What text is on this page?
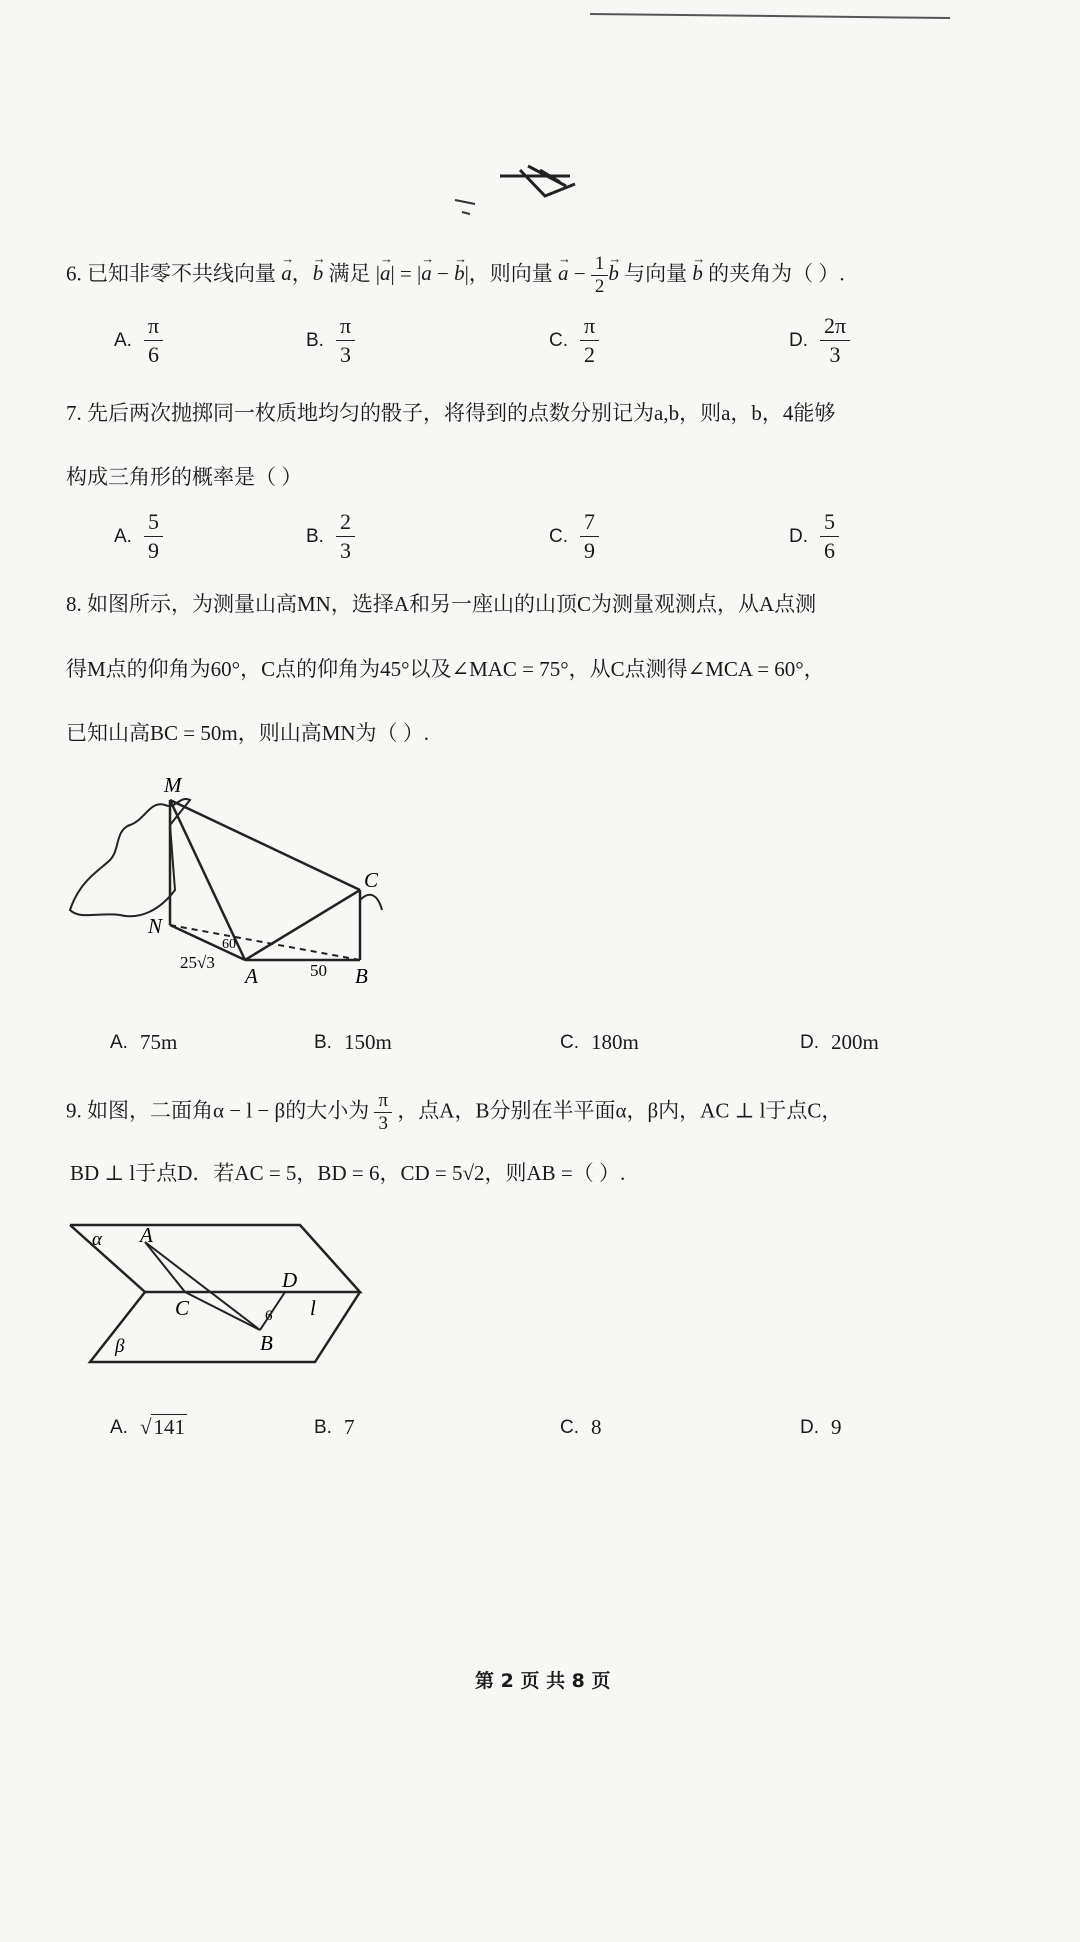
6. 已知非零不共线向量 → a，→ b 满足 |→ a| = |→ a − → b|，则向量 → $a - \frac{1}{2}$
→ b 与向量 → b 的夹角为（ ）.
A. $\frac{\pi}{6}$	B. $\frac{\pi}{3}$	C. $\frac{\pi}{2}$	D. $\frac{2\pi}{3}$
7. 先后两次抛掷同一枚质地均匀的骰子，将得到的点数分别记为a,b，则a，b，4能够
构成三角形的概率是（ ）
A. $\frac{5}{9}$	B. $\frac{2}{3}$	C. $\frac{7}{9}$	D. $\frac{5}{6}$
8. 如图所示，为测量山高MN，选择A和另一座山的山顶C为测量观测点，从A点测
得M点的仰角为60°，C点的仰角为45°以及∠MAC = 75°，从C点测得∠MCA = 60°，
已知山高BC = 50m，则山高MN为（ ）.
M
C
N
A	B
25√3	50
60
A. 75m	B. 150m	C. 180m	D. 200m
9. 如图，二面角α − l − β的大小为 $\frac{\pi}{3}$ ，点A，B分别在半平面α，β内，AC ⊥ l于点C，
BD ⊥ l于点D．若AC = 5，BD = 6，CD = 5√2，则AB =（ ）.
α A
C
D
6 l
B
β
A. √141	B. 7	C. 8	D. 9
第 2 页 共 8 页
